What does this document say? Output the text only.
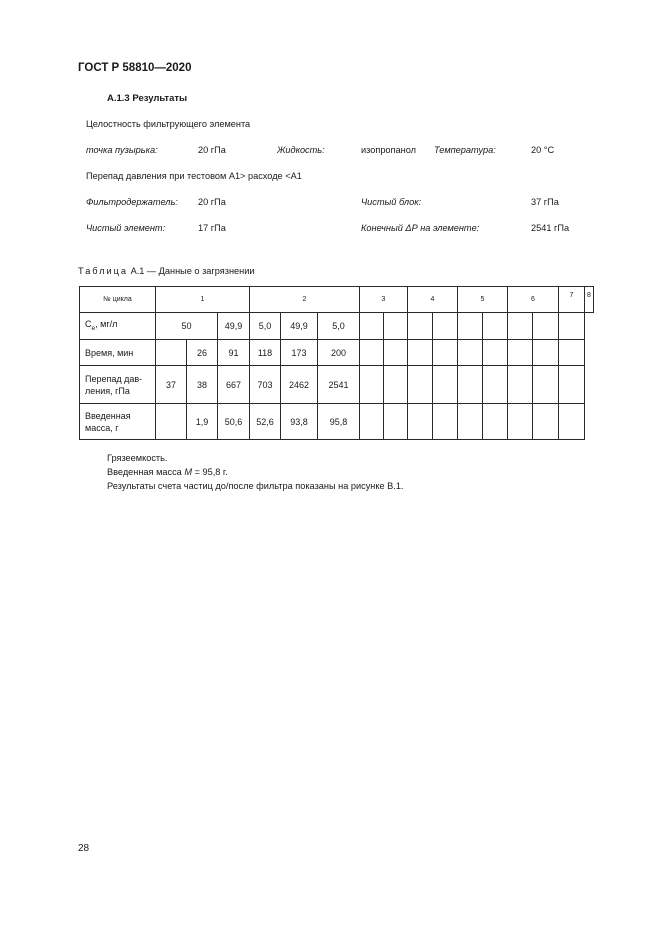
ГОСТ Р 58810—2020
А.1.3 Результаты
Целостность фильтрующего элемента
точка пузырька:	20 гПа	Жидкость:	изопропанол Температура:	20 °С
Перепад давления при тестовом А1> расходе <А1
Фильтродержатель: 20 гПа	Чистый блок:	37 гПа
Чистый элемент:	17 гПа	Конечный ΔР на элементе:	2541 гПа
Таблица А.1 — Данные о загрязнении
№ цикла	1			2			3		4		5		6		7	8
$С_e$, мг/л	50		49,9	5,0	49,9	5,0										
Время, мин		26	91	118	173	200										
Перепад дав-
ления, гПа	37	38	667	703	2462	2541										
Введенная
масса, г		1,9	50,6	52,6	93,8	95,8										
Грязеемкость.
Введенная масса М = 95,8 г.
Результаты счета частиц до/после фильтра показаны на рисунке В.1.
28
